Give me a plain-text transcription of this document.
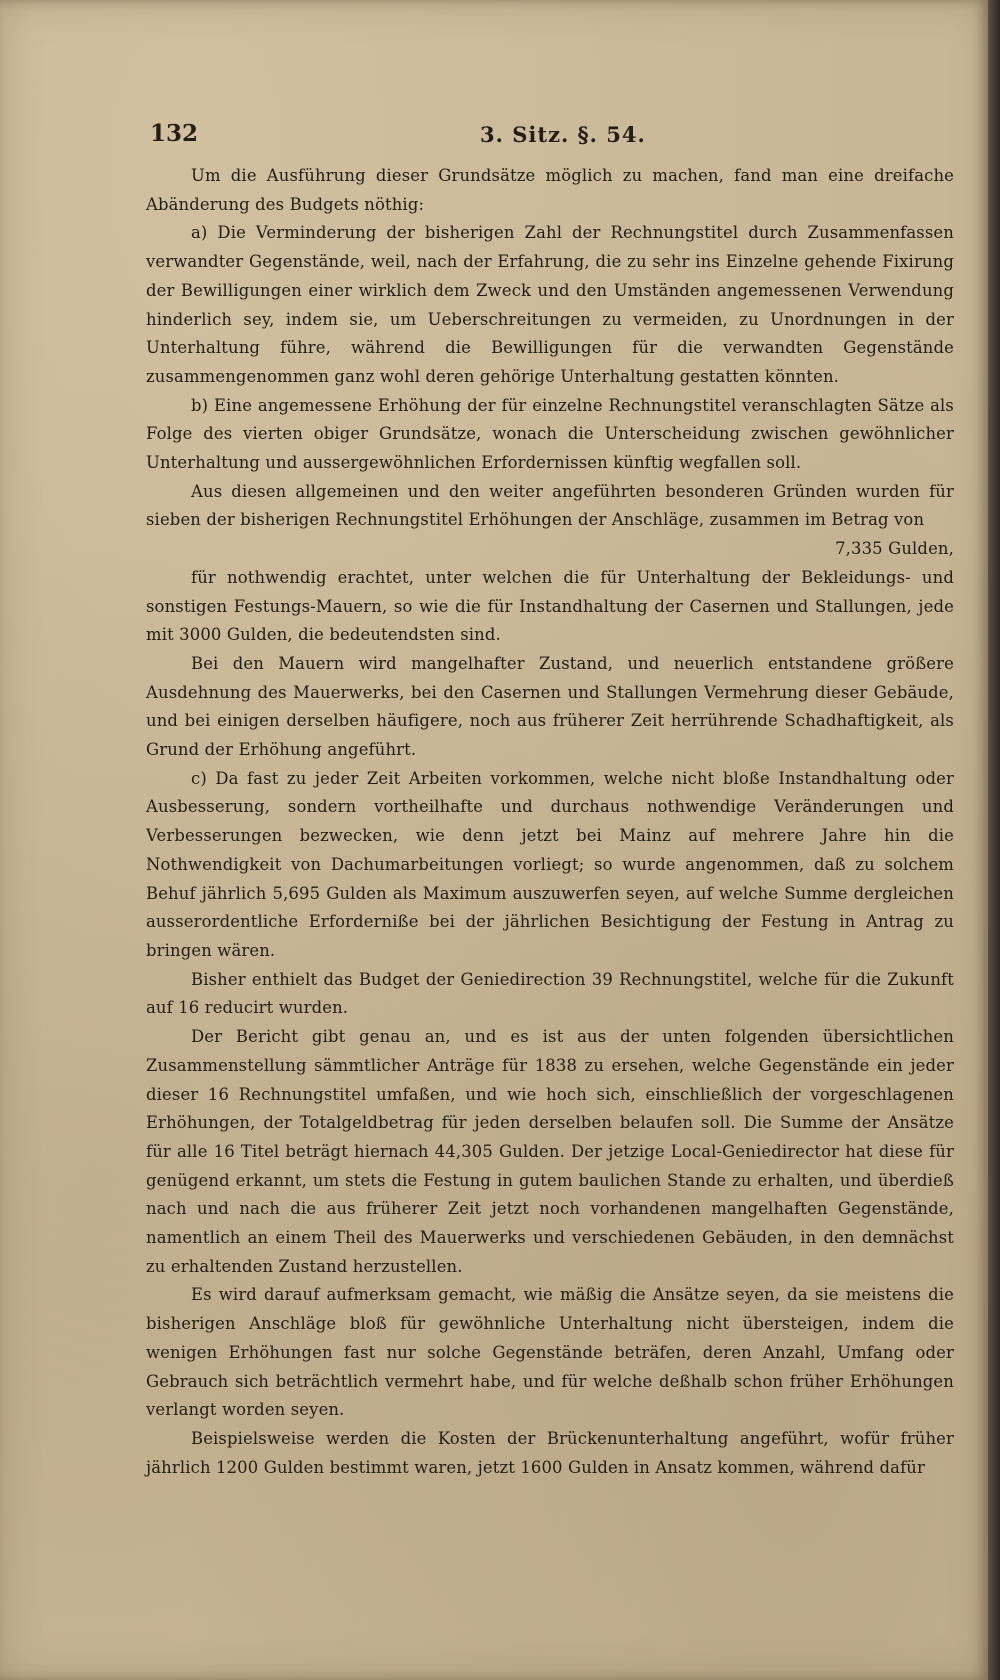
132	3. Sitz. §. 54.

Um die Ausführung dieser Grundsätze möglich zu machen, fand man eine dreifache Abänderung des Budgets nöthig:

a) Die Verminderung der bisherigen Zahl der Rechnungstitel durch Zusammenfassen verwandter Gegenstände, weil, nach der Erfahrung, die zu sehr ins Einzelne gehende Fixirung der Bewilligungen einer wirklich dem Zweck und den Umständen angemessenen Verwendung hinderlich sey, indem sie, um Ueberschreitungen zu vermeiden, zu Unordnungen in der Unterhaltung führe, während die Bewilligungen für die verwandten Gegenstände zusammengenommen ganz wohl deren gehörige Unterhaltung gestatten könnten.

b) Eine angemessene Erhöhung der für einzelne Rechnungstitel veranschlagten Sätze als Folge des vierten obiger Grundsätze, wonach die Unterscheidung zwischen gewöhnlicher Unterhaltung und aussergewöhnlichen Erfordernissen künftig wegfallen soll.

Aus diesen allgemeinen und den weiter angeführten besonderen Gründen wurden für sieben der bisherigen Rechnungstitel Erhöhungen der Anschläge, zusammen im Betrag von

7,335 Gulden,

für nothwendig erachtet, unter welchen die für Unterhaltung der Bekleidungs- und sonstigen Festungs-Mauern, so wie die für Instandhaltung der Casernen und Stallungen, jede mit 3000 Gulden, die bedeutendsten sind.

Bei den Mauern wird mangelhafter Zustand, und neuerlich entstandene größere Ausdehnung des Mauerwerks, bei den Casernen und Stallungen Vermehrung dieser Gebäude, und bei einigen derselben häufigere, noch aus früherer Zeit herrührende Schadhaftigkeit, als Grund der Erhöhung angeführt.

c) Da fast zu jeder Zeit Arbeiten vorkommen, welche nicht bloße Instandhaltung oder Ausbesserung, sondern vortheilhafte und durchaus nothwendige Veränderungen und Verbesserungen bezwecken, wie denn jetzt bei Mainz auf mehrere Jahre hin die Nothwendigkeit von Dachumarbeitungen vorliegt; so wurde angenommen, daß zu solchem Behuf jährlich 5,695 Gulden als Maximum auszuwerfen seyen, auf welche Summe dergleichen ausserordentliche Erforderniße bei der jährlichen Besichtigung der Festung in Antrag zu bringen wären.

Bisher enthielt das Budget der Geniedirection 39 Rechnungstitel, welche für die Zukunft auf 16 reducirt wurden.

Der Bericht gibt genau an, und es ist aus der unten folgenden übersichtlichen Zusammenstellung sämmtlicher Anträge für 1838 zu ersehen, welche Gegenstände ein jeder dieser 16 Rechnungstitel umfaßen, und wie hoch sich, einschließlich der vorgeschlagenen Erhöhungen, der Totalgeldbetrag für jeden derselben belaufen soll. Die Summe der Ansätze für alle 16 Titel beträgt hiernach 44,305 Gulden. Der jetzige Local-Geniedirector hat diese für genügend erkannt, um stets die Festung in gutem baulichen Stande zu erhalten, und überdieß nach und nach die aus früherer Zeit jetzt noch vorhandenen mangelhaften Gegenstände, namentlich an einem Theil des Mauerwerks und verschiedenen Gebäuden, in den demnächst zu erhaltenden Zustand herzustellen.

Es wird darauf aufmerksam gemacht, wie mäßig die Ansätze seyen, da sie meistens die bisherigen Anschläge bloß für gewöhnliche Unterhaltung nicht übersteigen, indem die wenigen Erhöhungen fast nur solche Gegenstände beträfen, deren Anzahl, Umfang oder Gebrauch sich beträchtlich vermehrt habe, und für welche deßhalb schon früher Erhöhungen verlangt worden seyen.

Beispielsweise werden die Kosten der Brückenunterhaltung angeführt, wofür früher jährlich 1200 Gulden bestimmt waren, jetzt 1600 Gulden in Ansatz kommen, während dafür
